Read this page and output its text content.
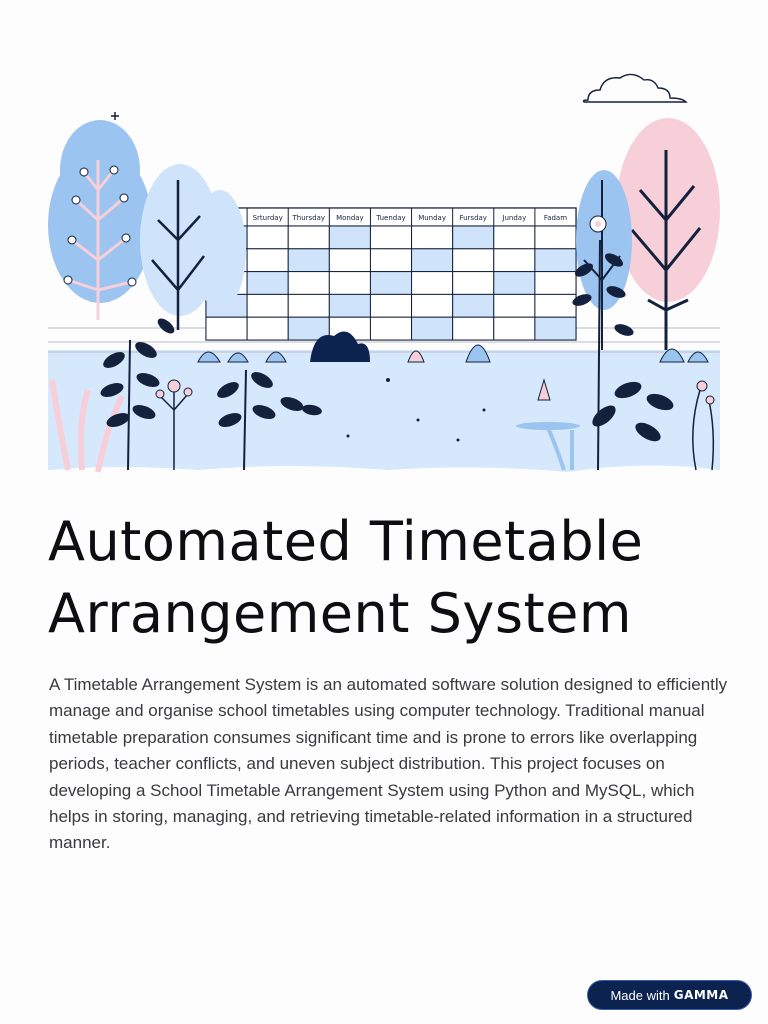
Srturday Thursday Monday Tuenday Munday Fursday Junday	Fadam
Automated Timetable
Arrangement System

A Timetable Arrangement System is an automated software solution designed to efficiently manage and organise school timetables using computer technology. Traditional manual timetable preparation consumes significant time and is prone to errors like overlapping periods, teacher conflicts, and uneven subject distribution. This project focuses on developing a School Timetable Arrangement System using Python and MySQL, which helps in storing, managing, and retrieving timetable-related information in a structured manner.

Made with GAMMA
